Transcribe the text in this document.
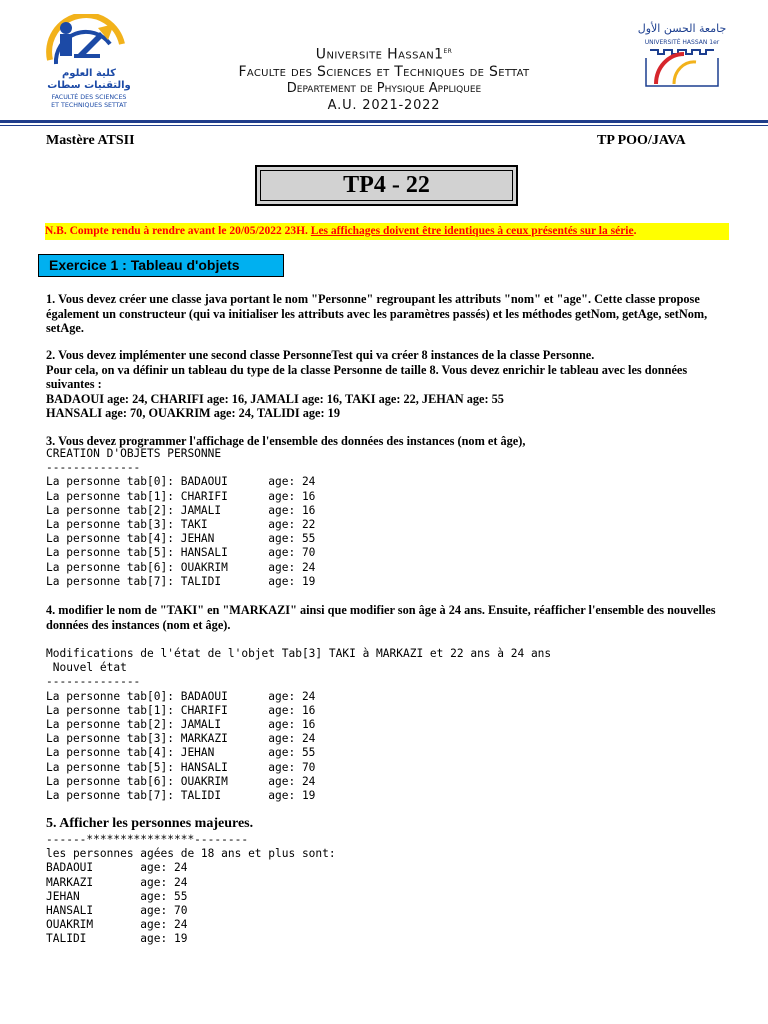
كلية العلوم
والتقنيات سطات
FACULTÉ DES SCIENCES
ET TECHNIQUES SETTAT
Universite Hassan1er
Faculte des Sciences et Techniques de Settat
Departement de Physique Appliquee
A.U. 2021-2022
جامعة الحسن الأول
UNIVERSITÉ HASSAN 1er
Mastère ATSII	TP POO/JAVA
TP4 - 22
N.B. Compte rendu à rendre avant le 20/05/2022 23H. Les affichages doivent être identiques à ceux présentés sur la série.
Exercice 1 : Tableau d'objets
1. Vous devez créer une classe java portant le nom "Personne" regroupant les attributs "nom" et "age". Cette classe propose également un constructeur (qui va initialiser les attributs avec les paramètres passés) et les méthodes getNom, getAge, setNom, setAge.
2. Vous devez implémenter une second classe PersonneTest qui va créer 8 instances de la classe Personne.
Pour cela, on va définir un tableau du type de la classe Personne de taille 8. Vous devez enrichir le tableau avec les données suivantes :
BADAOUI age: 24, CHARIFI age: 16, JAMALI age: 16, TAKI age: 22, JEHAN age: 55
HANSALI age: 70, OUAKRIM age: 24, TALIDI age: 19
3. Vous devez programmer l'affichage de l'ensemble des données des instances (nom et âge),
CREATION D'OBJETS PERSONNE
--------------
La personne tab[0]: BADAOUI      age: 24
La personne tab[1]: CHARIFI      age: 16
La personne tab[2]: JAMALI       age: 16
La personne tab[3]: TAKI         age: 22
La personne tab[4]: JEHAN        age: 55
La personne tab[5]: HANSALI      age: 70
La personne tab[6]: OUAKRIM      age: 24
La personne tab[7]: TALIDI       age: 19
4. modifier le nom de "TAKI" en "MARKAZI" ainsi que modifier son âge à 24 ans. Ensuite, réafficher l'ensemble des nouvelles données des instances (nom et âge).
Modifications de l'état de l'objet Tab[3] TAKI à MARKAZI et 22 ans à 24 ans
Nouvel état
--------------
La personne tab[0]: BADAOUI      age: 24
La personne tab[1]: CHARIFI      age: 16
La personne tab[2]: JAMALI       age: 16
La personne tab[3]: MARKAZI      age: 24
La personne tab[4]: JEHAN        age: 55
La personne tab[5]: HANSALI      age: 70
La personne tab[6]: OUAKRIM      age: 24
La personne tab[7]: TALIDI       age: 19
5. Afficher les personnes majeures.
------****************--------
les personnes agées de 18 ans et plus sont:
BADAOUI       age: 24
MARKAZI       age: 24
JEHAN         age: 55
HANSALI       age: 70
OUAKRIM       age: 24
TALIDI        age: 19
